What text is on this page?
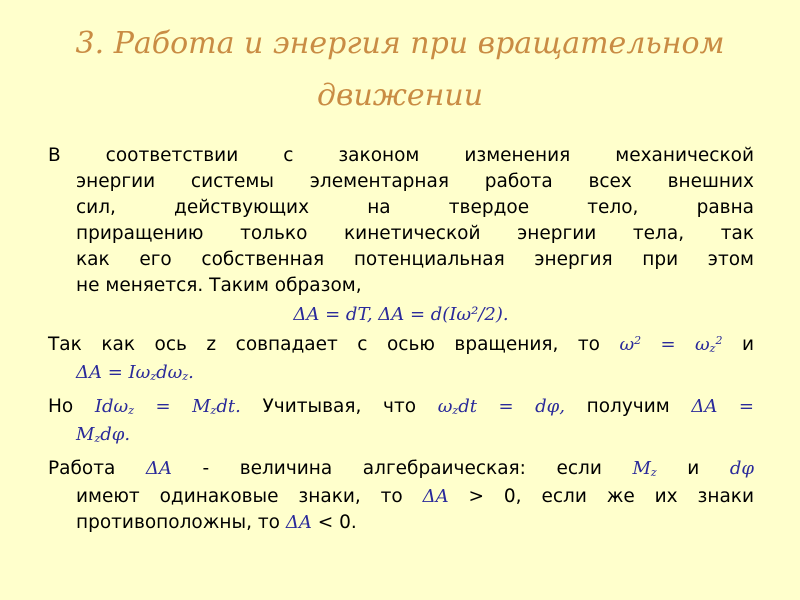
3. Работа и энергия при вращательном
движении
В соответствии с законом изменения механической
энергии системы элементарная работа всех внешних
сил, действующих на твердое тело, равна
приращению только кинетической энергии тела, так
как его собственная потенциальная энергия при этом
не меняется. Таким образом,
ΔA = dT, ΔA = d(Iω²/2).
Так как ось z совпадает с осью вращения, то $\omega^2 = \omega_z^2$ и
$\Delta A = I\omega_zd\omega_z$.
Но $Id\omega_z = M_zdt$. Учитывая, что $\omega_zdt = d\varphi$, получим ΔA =
$M_zd\varphi$.
Работа ΔA - величина алгебраическая: если $M_z$ и dφ
имеют одинаковые знаки, то ΔA > 0, если же их знаки
противоположны, то ΔA < 0.
